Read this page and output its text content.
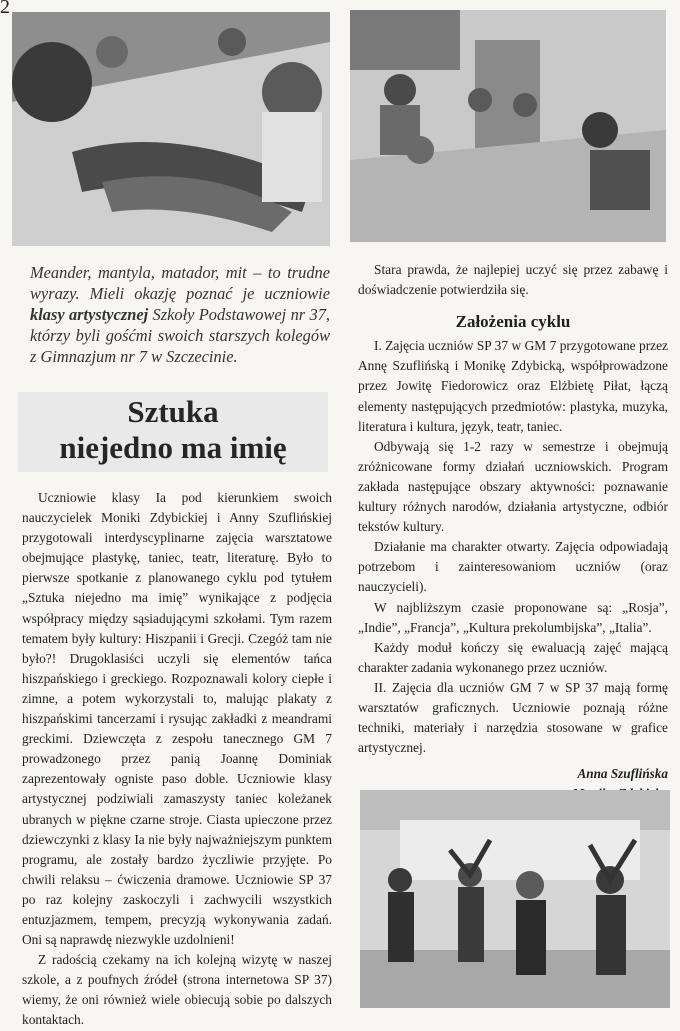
2
Meander, mantyla, matador, mit – to trudne wyrazy. Mieli okazję poznać je uczniowie klasy artystycznej Szkoły Podstawowej nr 37, którzy byli gośćmi swoich starszych kolegów z Gimnazjum nr 7 w Szczecinie.
Sztuka
niejedno ma imię

Uczniowie klasy Ia pod kierunkiem swoich nauczycielek Moniki Zdybickiej i Anny Szuflińskiej przygotowali interdyscyplinarne zajęcia warsztatowe obejmujące plastykę, taniec, teatr, literaturę. Było to pierwsze spotkanie z planowanego cyklu pod tytułem „Sztuka niejedno ma imię” wynikające z podjęcia współpracy między sąsiadującymi szkołami. Tym razem tematem były kultury: Hiszpanii i Grecji. Czegóż tam nie było?! Drugoklasiści uczyli się elementów tańca hiszpańskiego i greckiego. Rozpoznawali kolory ciepłe i zimne, a potem wykorzystali to, malując plakaty z hiszpańskimi tancerzami i rysując zakładki z meandrami greckimi. Dziewczęta z zespołu tanecznego GM 7 prowadzonego przez panią Joannę Dominiak zaprezentowały ogniste paso doble. Uczniowie klasy artystycznej podziwiali zamaszysty taniec koleżanek ubranych w piękne czarne stroje. Ciasta upieczone przez dziewczynki z klasy Ia nie były najważniejszym punktem programu, ale zostały bardzo życzliwie przyjęte. Po chwili relaksu – ćwiczenia dramowe. Uczniowie SP 37 po raz kolejny zaskoczyli i zachwycili wszystkich entuzjazmem, tempem, precyzją wykonywania zadań. Oni są naprawdę niezwykle uzdolnieni!

Z radością czekamy na ich kolejną wizytę w naszej szkole, a z poufnych źródeł (strona internetowa SP 37) wiemy, że oni również wiele obiecują sobie po dalszych kontaktach.

Stara prawda, że najlepiej uczyć się przez zabawę i doświadczenie potwierdziła się.

Założenia cyklu

I. Zajęcia uczniów SP 37 w GM 7 przygotowane przez Annę Szuflińską i Monikę Zdybicką, współprowadzone przez Jowitę Fiedorowicz oraz Elżbietę Piłat, łączą elementy następujących przedmiotów: plastyka, muzyka, literatura i kultura, język, teatr, taniec.

Odbywają się 1-2 razy w semestrze i obejmują zróżnicowane formy działań uczniowskich. Program zakłada następujące obszary aktywności: poznawanie kultury różnych narodów, działania artystyczne, odbiór tekstów kultury.

Działanie ma charakter otwarty. Zajęcia odpowiadają potrzebom i zainteresowaniom uczniów (oraz nauczycieli).

W najbliższym czasie proponowane są: „Rosja”, „Indie”, „Francja”, „Kultura prekolumbijska”, „Italia”.

Każdy moduł kończy się ewaluacją zajęć mającą charakter zadania wykonanego przez uczniów.

II. Zajęcia dla uczniów GM 7 w SP 37 mają formę warsztatów graficznych. Uczniowie poznają różne techniki, materiały i narzędzia stosowane w grafice artystycznej.

Anna Szuflińska
